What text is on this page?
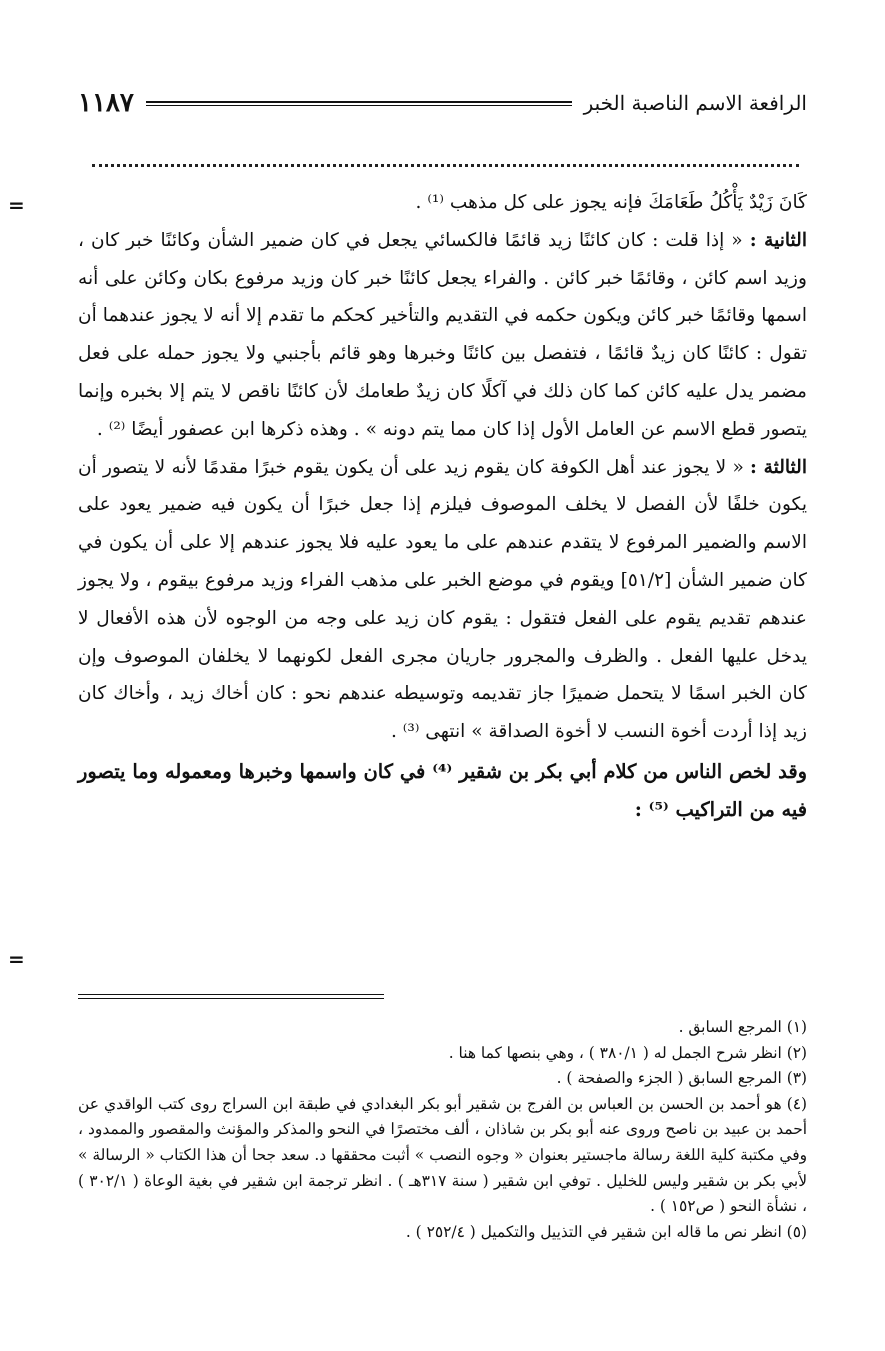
الرافعة الاسم الناصبة الخبر
١١٨٧
=
=

كَانَ زَيْدٌ يَأْكُلُ طَعَامَكَ فإنه يجوز على كل مذهب ⁽¹⁾ .

الثانية : « إذا قلت : كان كائنًا زيد قائمًا فالكسائي يجعل في كان ضمير الشأن وكائنًا خبر كان ، وزيد اسم كائن ، وقائمًا خبر كائن . والفراء يجعل كائنًا خبر كان وزيد مرفوع بكان وكائن على أنه اسمها وقائمًا خبر كائن ويكون حكمه في التقديم والتأخير كحكم ما تقدم إلا أنه لا يجوز عندهما أن تقول : كائنًا كان زيدٌ قائمًا ، فتفصل بين كائنًا وخبرها وهو قائم بأجنبي ولا يجوز حمله على فعل مضمر يدل عليه كائن كما كان ذلك في آكلًا كان زيدٌ طعامك لأن كائنًا ناقص لا يتم إلا بخبره وإنما يتصور قطع الاسم عن العامل الأول إذا كان مما يتم دونه » . وهذه ذكرها ابن عصفور أيضًا ⁽²⁾ .

الثالثة : « لا يجوز عند أهل الكوفة كان يقوم زيد على أن يكون يقوم خبرًا مقدمًا لأنه لا يتصور أن يكون خلفًا لأن الفصل لا يخلف الموصوف فيلزم إذا جعل خبرًا أن يكون فيه ضمير يعود على الاسم والضمير المرفوع لا يتقدم عندهم على ما يعود عليه فلا يجوز عندهم إلا على أن يكون في كان ضمير الشأن [٥١/٢] ويقوم في موضع الخبر على مذهب الفراء وزيد مرفوع بيقوم ، ولا يجوز عندهم تقديم يقوم على الفعل فتقول : يقوم كان زيد على وجه من الوجوه لأن هذه الأفعال لا يدخل عليها الفعل . والظرف والمجرور جاريان مجرى الفعل لكونهما لا يخلفان الموصوف وإن كان الخبر اسمًا لا يتحمل ضميرًا جاز تقديمه وتوسيطه عندهم نحو : كان أخاك زيد ، وأخاك كان زيد إذا أردت أخوة النسب لا أخوة الصداقة » انتهى ⁽³⁾ .

وقد لخص الناس من كلام أبي بكر بن شقير ⁽⁴⁾ في كان واسمها وخبرها ومعموله وما يتصور فيه من التراكيب ⁽⁵⁾ :

(١) المرجع السابق .

(٢) انظر شرح الجمل له ( ٣٨٠/١ ) ، وهي بنصها كما هنا .

(٣) المرجع السابق ( الجزء والصفحة ) .

(٤) هو أحمد بن الحسن بن العباس بن الفرج بن شقير أبو بكر البغدادي في طبقة ابن السراج روى كتب الواقدي عن أحمد بن عبيد بن ناصح وروى عنه أبو بكر بن شاذان ، ألف مختصرًا في النحو والمذكر والمؤنث والمقصور والممدود ، وفي مكتبة كلية اللغة رسالة ماجستير بعنوان « وجوه النصب » أثبت محققها د. سعد جحا أن هذا الكتاب « الرسالة » لأبي بكر بن شقير وليس للخليل . توفي ابن شقير ( سنة ٣١٧هـ ) . انظر ترجمة ابن شقير في بغية الوعاة ( ٣٠٢/١ ) ، نشأة النحو ( ص١٥٢ ) .

(٥) انظر نص ما قاله ابن شقير في التذييل والتكميل ( ٢٥٢/٤ ) .
